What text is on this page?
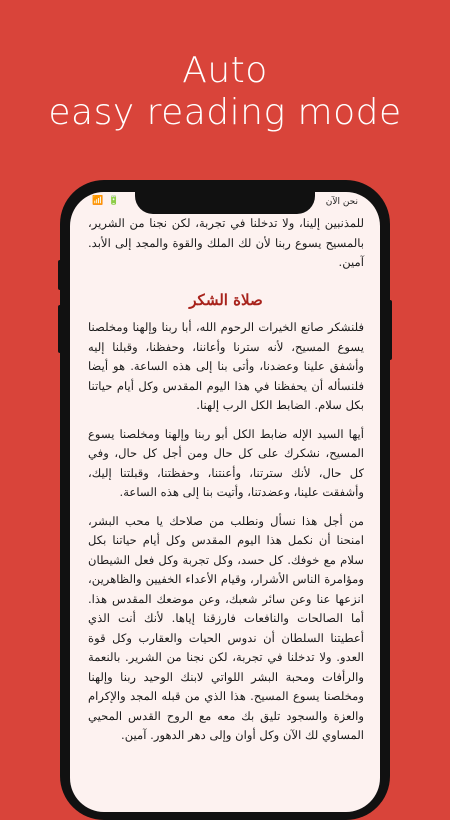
Auto
easy reading mode
📶 🔋	نحن الآن

للمذنبين إلينا، ولا تدخلنا في تجربة، لكن نجنا من الشرير، بالمسيح يسوع ربنا لأن لك الملك والقوة والمجد إلى الأبد. آمين.

صلاة الشكر

فلنشكر صانع الخيرات الرحوم الله، أبا ربنا وإلهنا ومخلصنا يسوع المسيح، لأنه سترنا وأعاننا، وحفظنا، وقبلنا إليه وأشفق علينا وعضدنا، وأتى بنا إلى هذه الساعة. هو أيضا فلنسأله أن يحفظنا في هذا اليوم المقدس وكل أيام حياتنا بكل سلام. الضابط الكل الرب إلهنا.

أيها السيد الإله ضابط الكل أبو ربنا وإلهنا ومخلصنا يسوع المسيح، نشكرك على كل حال ومن أجل كل حال، وفي كل حال، لأنك سترتنا، وأعنتنا، وحفظتنا، وقبلتنا إليك، وأشفقت علينا، وعضدتنا، وأتيت بنا إلى هذه الساعة.

من أجل هذا نسأل ونطلب من صلاحك يا محب البشر، امنحنا أن نكمل هذا اليوم المقدس وكل أيام حياتنا بكل سلام مع خوفك. كل حسد، وكل تجربة وكل فعل الشيطان ومؤامرة الناس الأشرار، وقيام الأعداء الخفيين والظاهرين، انزعها عنا وعن سائر شعبك، وعن موضعك المقدس هذا. أما الصالحات والنافعات فارزقنا إياها. لأنك أنت الذي أعطيتنا السلطان أن ندوس الحيات والعقارب وكل قوة العدو. ولا تدخلنا في تجربة، لكن نجنا من الشرير. بالنعمة والرأفات ومحبة البشر اللواتي لابنك الوحيد ربنا وإلهنا ومخلصنا يسوع المسيح. هذا الذي من قبله المجد والإكرام والعزة والسجود تليق بك معه مع الروح القدس المحيي المساوي لك الآن وكل أوان وإلى دهر الدهور. آمين.
